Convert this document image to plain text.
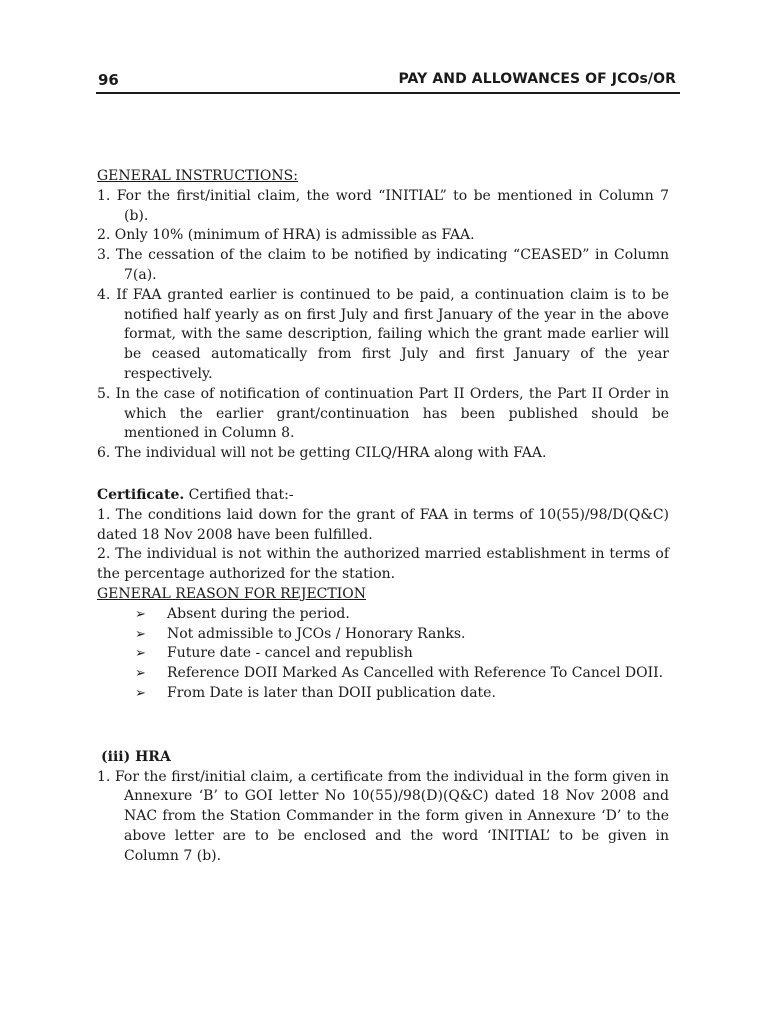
96	PAY AND ALLOWANCES OF JCOs/OR

GENERAL INSTRUCTIONS:

1. For the first/initial claim, the word “INITIAL” to be mentioned in Column 7 (b).

2. Only 10% (minimum of HRA) is admissible as FAA.

3. The cessation of the claim to be notified by indicating “CEASED” in Column 7(a).

4. If FAA granted earlier is continued to be paid, a continuation claim is to be notified half yearly as on first July and first January of the year in the above format, with the same description, failing which the grant made earlier will be ceased automatically from first July and first January of the year respectively.

5. In the case of notification of continuation Part II Orders, the Part II Order in which the earlier grant/continuation has been published should be mentioned in Column 8.

6. The individual will not be getting CILQ/HRA along with FAA.

Certificate. Certified that:-

1. The conditions laid down for the grant of FAA in terms of 10(55)/98/D(Q&C) dated 18 Nov 2008 have been fulfilled.

2. The individual is not within the authorized married establishment in terms of the percentage authorized for the station.

GENERAL REASON FOR REJECTION

➢ Absent during the period.
➢ Not admissible to JCOs / Honorary Ranks.
➢ Future date - cancel and republish
➢ Reference DOII Marked As Cancelled with Reference To Cancel DOII.
➢ From Date is later than DOII publication date.

(iii) HRA

1. For the first/initial claim, a certificate from the individual in the form given in Annexure ‘B’ to GOI letter No 10(55)/98(D)(Q&C) dated 18 Nov 2008 and NAC from the Station Commander in the form given in Annexure ‘D’ to the above letter are to be enclosed and the word ‘INITIAL’ to be given in Column 7 (b).
